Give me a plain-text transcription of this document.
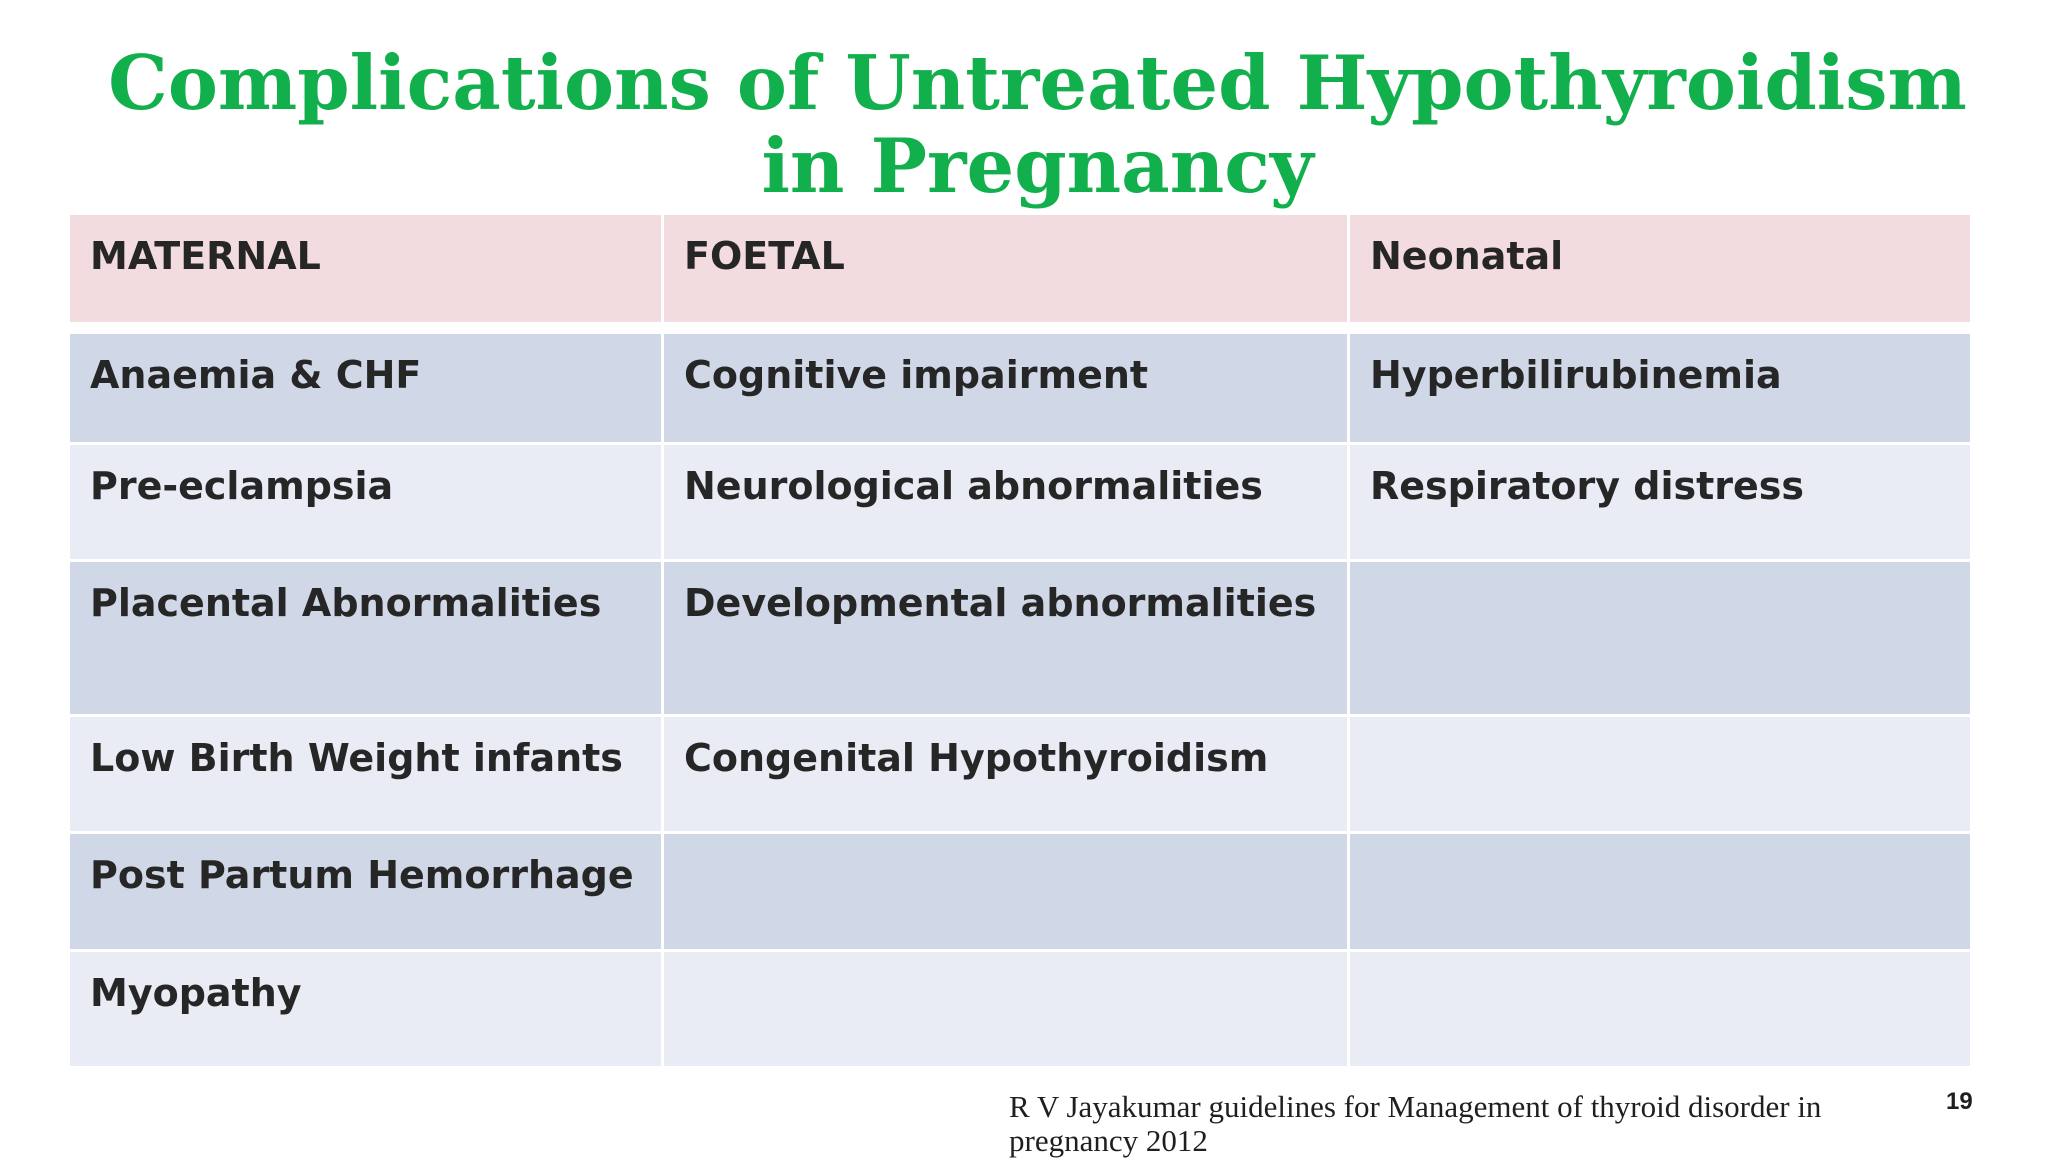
Complications of Untreated Hypothyroidism in Pregnancy
MATERNAL	FOETAL	Neonatal

Anaemia & CHF	Cognitive impairment	Hyperbilirubinemia
Pre-eclampsia	Neurological abnormalities	Respiratory distress
Placental Abnormalities	Developmental abnormalities	
Low Birth Weight infants	Congenital Hypothyroidism	
Post Partum Hemorrhage		
Myopathy		
R V Jayakumar guidelines for Management of thyroid disorder in pregnancy 2012
19
